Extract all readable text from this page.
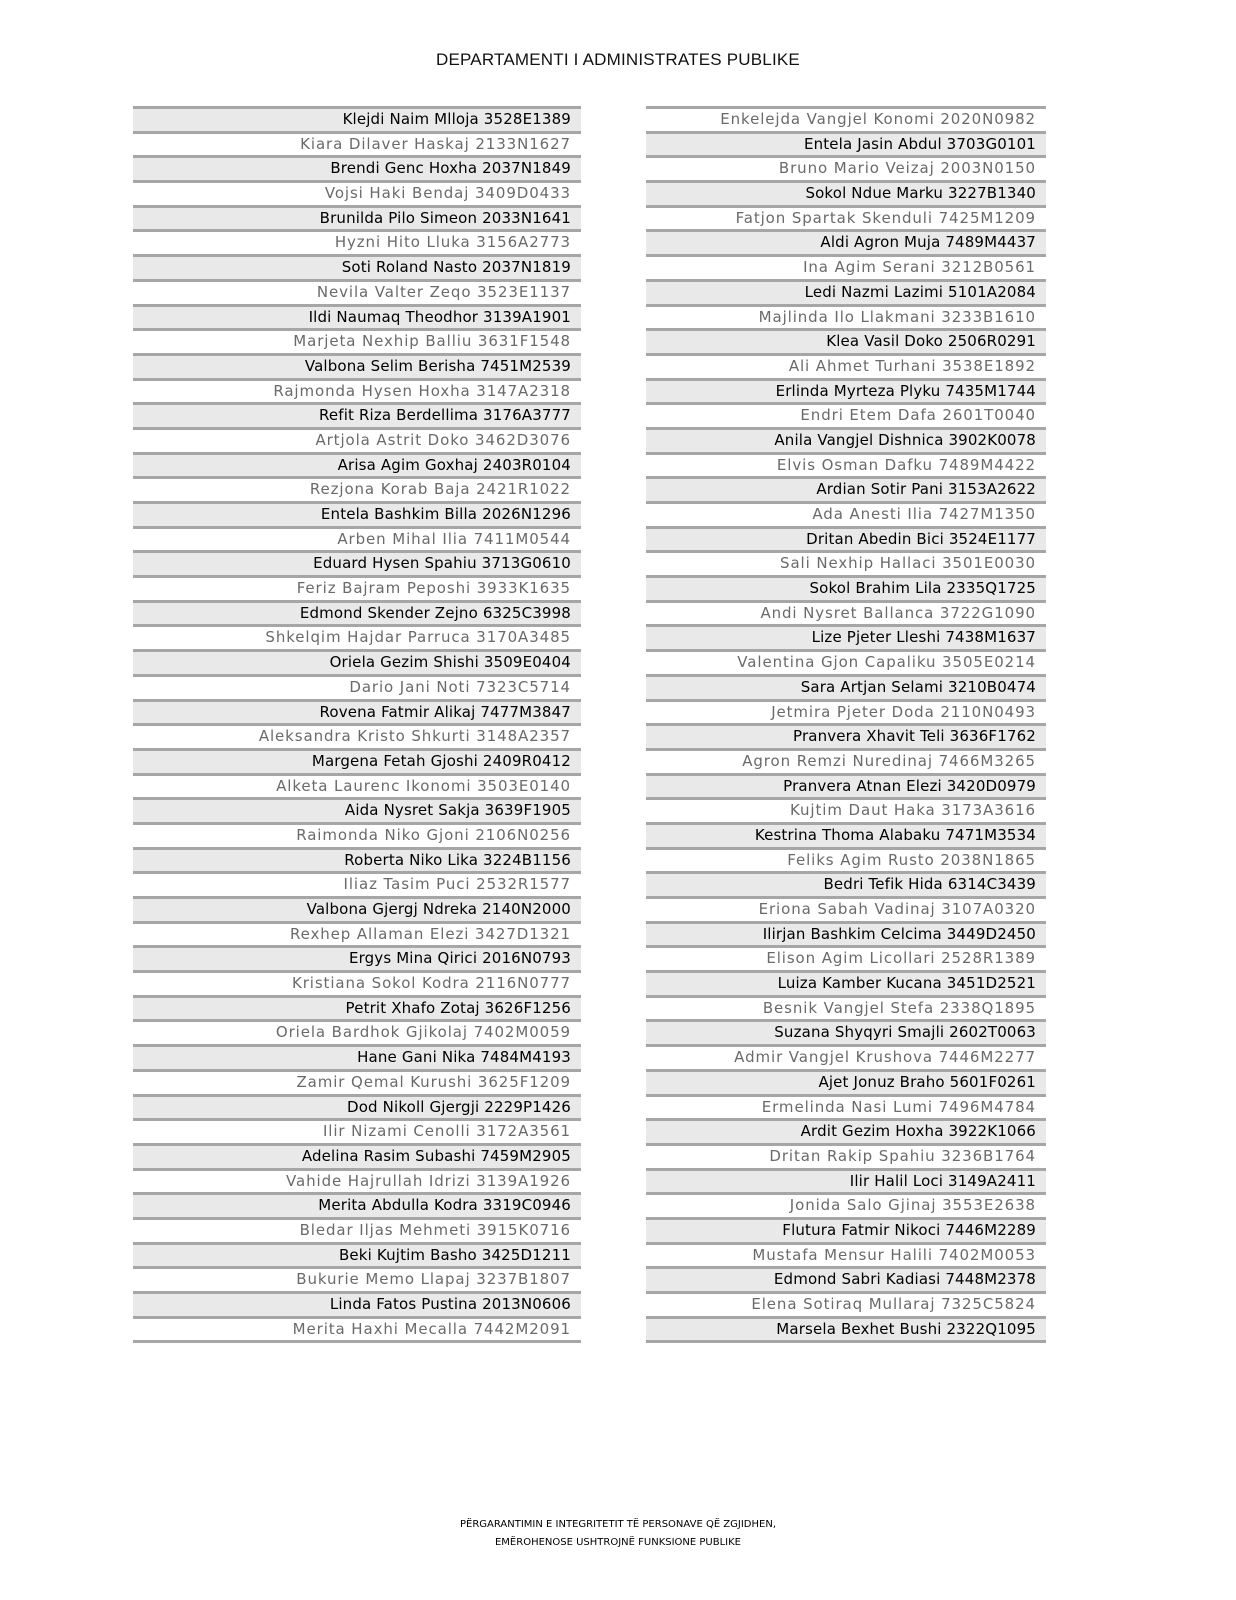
DEPARTAMENTI I ADMINISTRATES PUBLIKE
Klejdi Naim Mlloja 3528E1389
Kiara Dilaver Haskaj 2133N1627
Brendi Genc Hoxha 2037N1849
Vojsi Haki Bendaj 3409D0433
Brunilda Pilo Simeon 2033N1641
Hyzni Hito Lluka 3156A2773
Soti Roland Nasto 2037N1819
Nevila Valter Zeqo 3523E1137
Ildi Naumaq Theodhor 3139A1901
Marjeta Nexhip Balliu 3631F1548
Valbona Selim Berisha 7451M2539
Rajmonda Hysen Hoxha 3147A2318
Refit Riza Berdellima 3176A3777
Artjola Astrit Doko 3462D3076
Arisa Agim Goxhaj 2403R0104
Rezjona Korab Baja 2421R1022
Entela Bashkim Billa 2026N1296
Arben Mihal Ilia 7411M0544
Eduard Hysen Spahiu 3713G0610
Feriz Bajram Peposhi 3933K1635
Edmond Skender Zejno 6325C3998
Shkelqim Hajdar Parruca 3170A3485
Oriela Gezim Shishi 3509E0404
Dario Jani Noti 7323C5714
Rovena Fatmir Alikaj 7477M3847
Aleksandra Kristo Shkurti 3148A2357
Margena Fetah Gjoshi 2409R0412
Alketa Laurenc Ikonomi 3503E0140
Aida Nysret Sakja 3639F1905
Raimonda Niko Gjoni 2106N0256
Roberta Niko Lika 3224B1156
Iliaz Tasim Puci 2532R1577
Valbona Gjergj Ndreka 2140N2000
Rexhep Allaman Elezi 3427D1321
Ergys Mina Qirici 2016N0793
Kristiana Sokol Kodra 2116N0777
Petrit Xhafo Zotaj 3626F1256
Oriela Bardhok Gjikolaj 7402M0059
Hane Gani Nika 7484M4193
Zamir Qemal Kurushi 3625F1209
Dod Nikoll Gjergji 2229P1426
Ilir Nizami Cenolli 3172A3561
Adelina Rasim Subashi 7459M2905
Vahide Hajrullah Idrizi 3139A1926
Merita Abdulla Kodra 3319C0946
Bledar Iljas Mehmeti 3915K0716
Beki Kujtim Basho 3425D1211
Bukurie Memo Llapaj 3237B1807
Linda Fatos Pustina 2013N0606
Merita Haxhi Mecalla 7442M2091
Enkelejda Vangjel Konomi 2020N0982
Entela Jasin Abdul 3703G0101
Bruno Mario Veizaj 2003N0150
Sokol Ndue Marku 3227B1340
Fatjon Spartak Skenduli 7425M1209
Aldi Agron Muja 7489M4437
Ina Agim Serani 3212B0561
Ledi Nazmi Lazimi 5101A2084
Majlinda Ilo Llakmani 3233B1610
Klea Vasil Doko 2506R0291
Ali Ahmet Turhani 3538E1892
Erlinda Myrteza Plyku 7435M1744
Endri Etem Dafa 2601T0040
Anila Vangjel Dishnica 3902K0078
Elvis Osman Dafku 7489M4422
Ardian Sotir Pani 3153A2622
Ada Anesti Ilia 7427M1350
Dritan Abedin Bici 3524E1177
Sali Nexhip Hallaci 3501E0030
Sokol Brahim Lila 2335Q1725
Andi Nysret Ballanca 3722G1090
Lize Pjeter Lleshi 7438M1637
Valentina Gjon Capaliku 3505E0214
Sara Artjan Selami 3210B0474
Jetmira Pjeter Doda 2110N0493
Pranvera Xhavit Teli 3636F1762
Agron Remzi Nuredinaj 7466M3265
Pranvera Atnan Elezi 3420D0979
Kujtim Daut Haka 3173A3616
Kestrina Thoma Alabaku 7471M3534
Feliks Agim Rusto 2038N1865
Bedri Tefik Hida 6314C3439
Eriona Sabah Vadinaj 3107A0320
Ilirjan Bashkim Celcima 3449D2450
Elison Agim Licollari 2528R1389
Luiza Kamber Kucana 3451D2521
Besnik Vangjel Stefa 2338Q1895
Suzana Shyqyri Smajli 2602T0063
Admir Vangjel Krushova 7446M2277
Ajet Jonuz Braho 5601F0261
Ermelinda Nasi Lumi 7496M4784
Ardit Gezim Hoxha 3922K1066
Dritan Rakip Spahiu 3236B1764
Ilir Halil Loci 3149A2411
Jonida Salo Gjinaj 3553E2638
Flutura Fatmir Nikoci 7446M2289
Mustafa Mensur Halili 7402M0053
Edmond Sabri Kadiasi 7448M2378
Elena Sotiraq Mullaraj 7325C5824
Marsela Bexhet Bushi 2322Q1095
PËRGARANTIMIN E INTEGRITETIT TË PERSONAVE QË ZGJIDHEN,
EMËROHENOSE USHTROJNË FUNKSIONE PUBLIKE
